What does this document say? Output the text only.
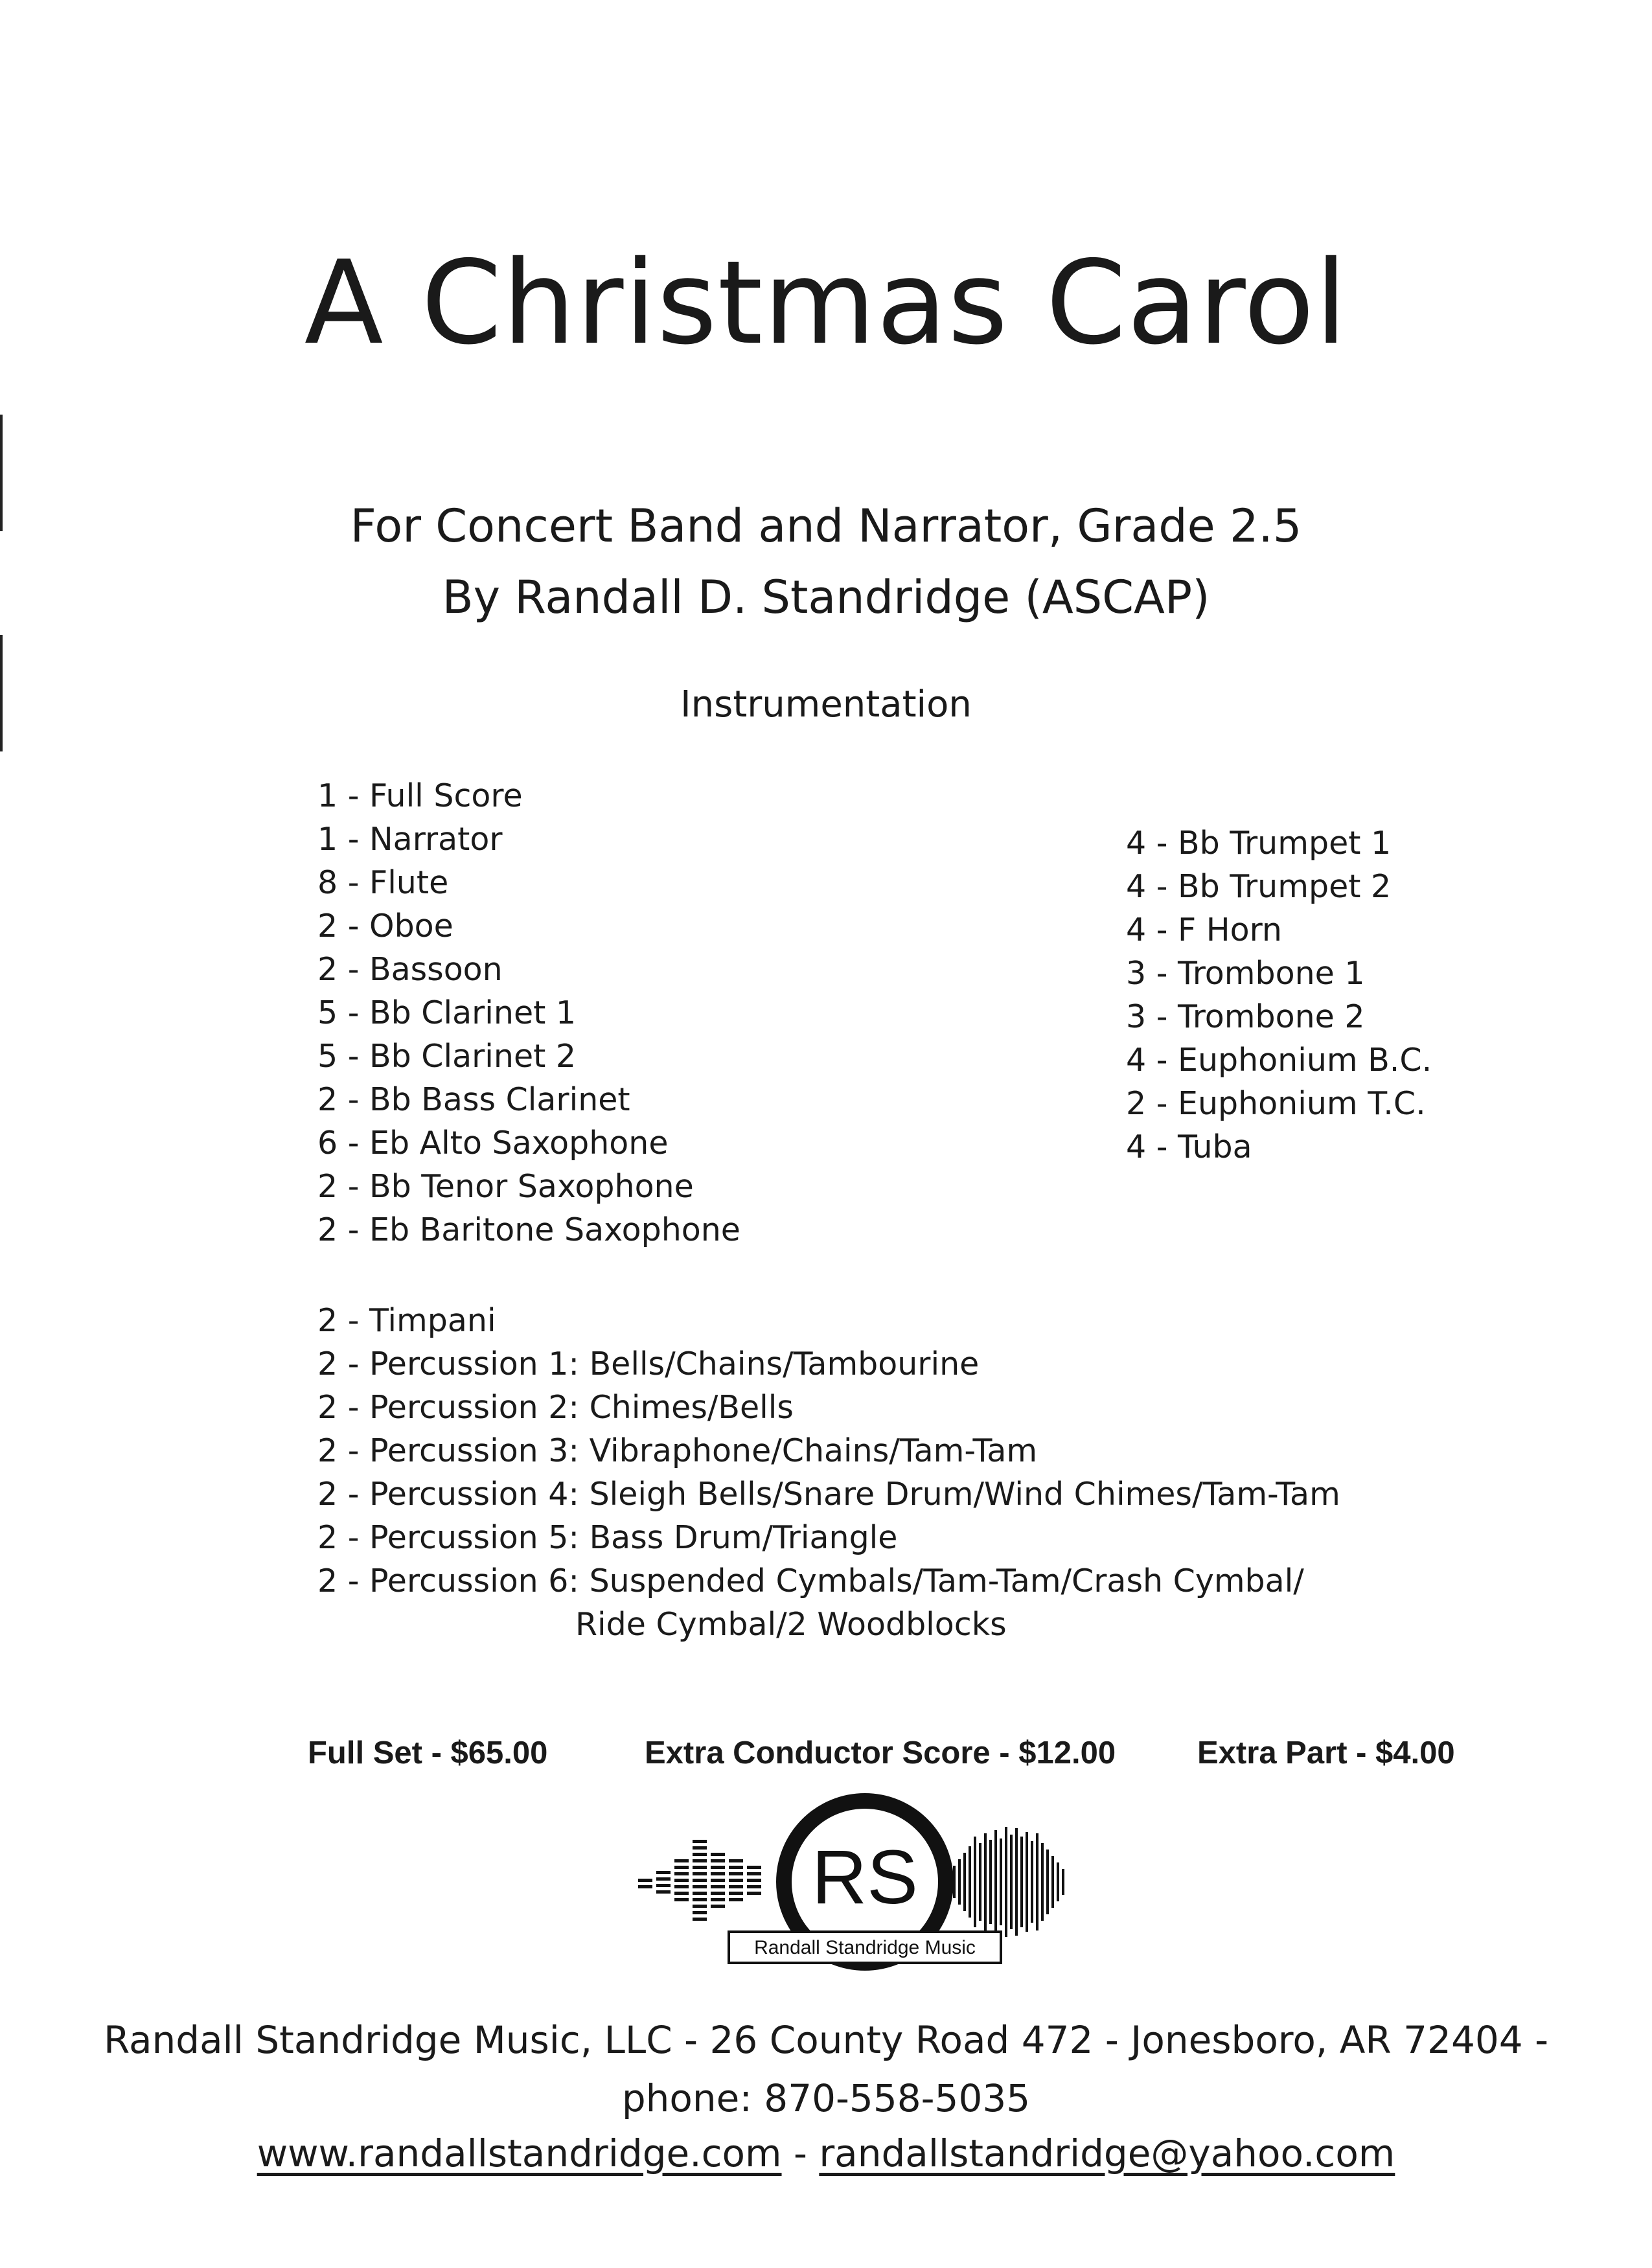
A Christmas Carol
For Concert Band and Narrator, Grade 2.5
By Randall D. Standridge (ASCAP)
Instrumentation
1 - Full Score
1 - Narrator
8 - Flute
2 - Oboe
2 - Bassoon
5 - Bb Clarinet 1
5 - Bb Clarinet 2
2 - Bb Bass Clarinet
6 - Eb Alto Saxophone
2 - Bb Tenor Saxophone
2 - Eb Baritone Saxophone
4 - Bb Trumpet 1
4 - Bb Trumpet 2
4 - F Horn
3 - Trombone 1
3 - Trombone 2
4 - Euphonium B.C.
2 - Euphonium T.C.
4 - Tuba
2 - Timpani
2 - Percussion 1: Bells/Chains/Tambourine
2 - Percussion 2: Chimes/Bells
2 - Percussion 3: Vibraphone/Chains/Tam-Tam
2 - Percussion 4: Sleigh Bells/Snare Drum/Wind Chimes/Tam-Tam
2 - Percussion 5: Bass Drum/Triangle
2 - Percussion 6: Suspended Cymbals/Tam-Tam/Crash Cymbal/
Ride Cymbal/2 Woodblocks
Full Set - $65.00	Extra Conductor Score - $12.00	Extra Part - $4.00
RS
Randall Standridge Music
Randall Standridge Music, LLC - 26 County Road 472 - Jonesboro, AR 72404 -
phone: 870-558-5035
www.randallstandridge.com - randallstandridge@yahoo.com
